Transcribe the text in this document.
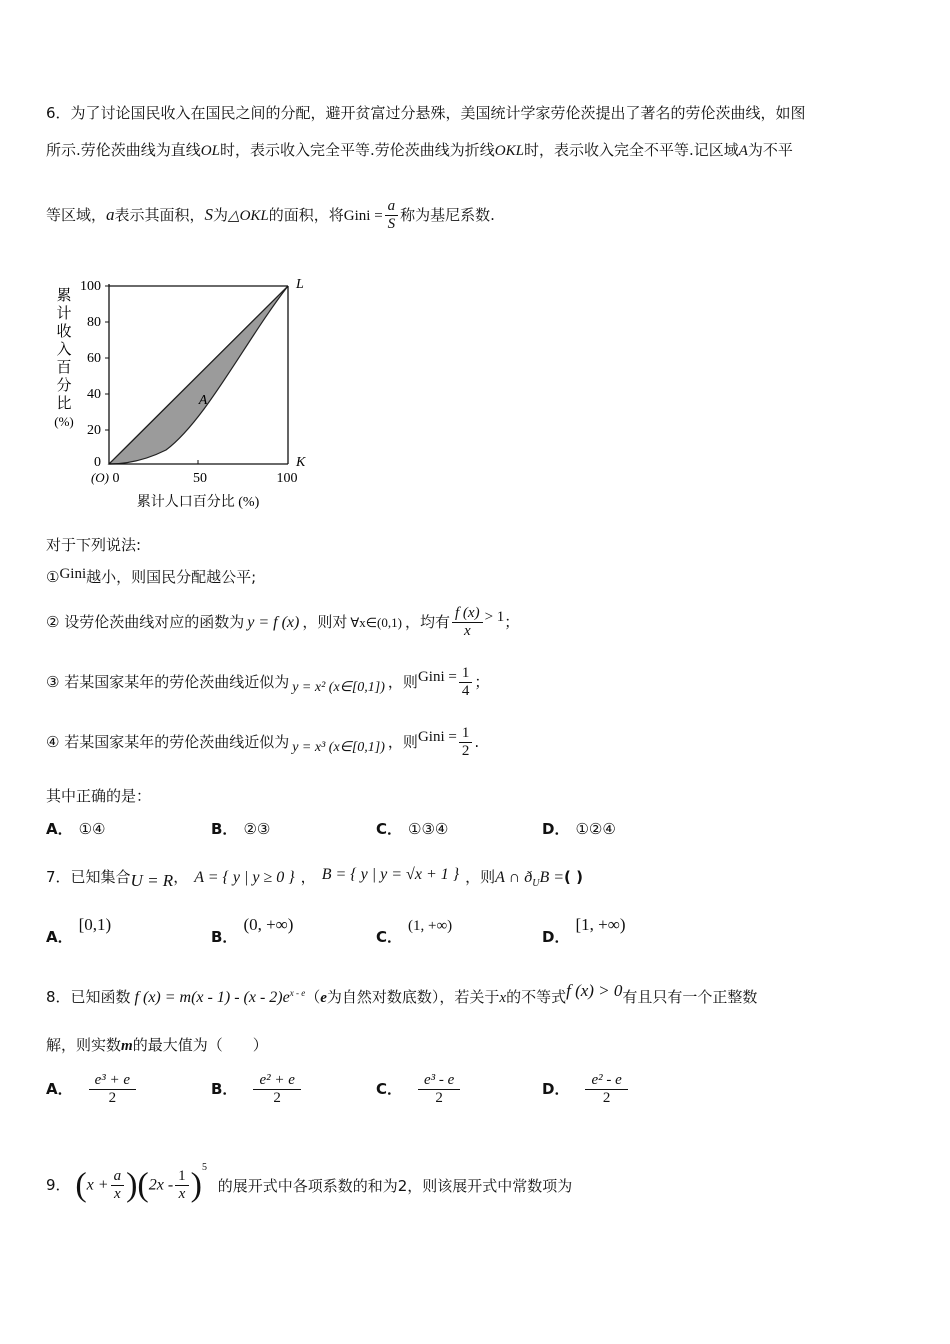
6．为了讨论国民收入在国民之间的分配，避开贫富过分悬殊，美国统计学家劳伦茨提出了著名的劳伦茨曲线，如图
所示.劳伦茨曲线为直线OL时，表示收入完全平等.劳伦茨曲线为折线OKL时，表示收入完全不平等.记区域A为不平
等区域，a表示其面积，S为△OKL的面积，将Gini = $\frac{a}{S}$ 称为基尼系数.
累
计
收
入
百
分
比
(%)
100
80
60
40
20
0
A
L
K
(O) 0	50	100
累计人口百分比 (%)
对于下列说法:
①Gini越小，则国民分配越公平;
② 设劳伦茨曲线对应的函数为 y = f (x) ，则对 ∀x∈(0,1) ，均有 $\frac{f (x)}{x} > 1$；
③ 若某国家某年的劳伦茨曲线近似为 y = x² (x∈[0,1]) ，则Gini = $\frac{1}{4}$ ；
④ 若某国家某年的劳伦茨曲线近似为 y = x³ (x∈[0,1]) ，则Gini = $\frac{1}{2}$ .
其中正确的是：
A． ①④	B． ②③	C． ①③④	D． ①②④
7．已知集合U = R， A = { y | y ≥ 0 } ， B = { y | y = √x + 1 } ，则A ∩ $ð_UB$ =( )
A．[0,1)
B．(0, +∞)
C．(1, +∞)
D．[1, +∞)
8．已知函数 f $(x) = m(x - 1) - (x - 2)e^{x - e}(e$为自然对数底数），若关于x的不等式f (x) > 0有且只有一个正整数
解，则实数m的最大值为（　　）
A． $\frac{\text{e³ + e}}{2}$	B． $\frac{\text{e² + e}}{2}$	C． $\frac{\text{e³ - e}}{2}$	D． $\frac{\text{e² - e}}{2}$
9． $(x + \frac{a}{x} )(2x - \frac{1}{x} )^5$ 的展开式中各项系数的和为2，则该展开式中常数项为
